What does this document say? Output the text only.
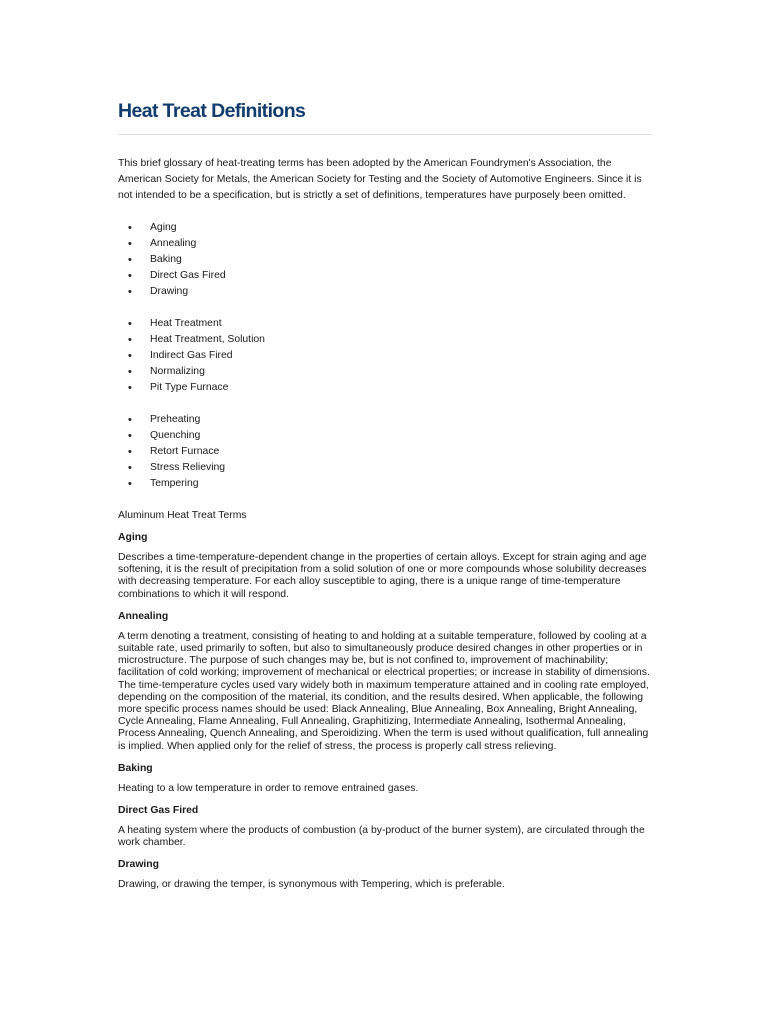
Heat Treat Definitions

This brief glossary of heat-treating terms has been adopted by the American Foundrymen's Association, the American Society for Metals, the American Society for Testing and the Society of Automotive Engineers. Since it is not intended to be a specification, but is strictly a set of definitions, temperatures have purposely been omitted.

• Aging
• Annealing
• Baking
• Direct Gas Fired
• Drawing
• Heat Treatment
• Heat Treatment, Solution
• Indirect Gas Fired
• Normalizing
• Pit Type Furnace
• Preheating
• Quenching
• Retort Furnace
• Stress Relieving
• Tempering

Aluminum Heat Treat Terms

Aging

Describes a time-temperature-dependent change in the properties of certain alloys. Except for strain aging and age softening, it is the result of precipitation from a solid solution of one or more compounds whose solubility decreases with decreasing temperature. For each alloy susceptible to aging, there is a unique range of time-temperature combinations to which it will respond.

Annealing

A term denoting a treatment, consisting of heating to and holding at a suitable temperature, followed by cooling at a suitable rate, used primarily to soften, but also to simultaneously produce desired changes in other properties or in microstructure. The purpose of such changes may be, but is not confined to, improvement of machinability; facilitation of cold working; improvement of mechanical or electrical properties; or increase in stability of dimensions. The time-temperature cycles used vary widely both in maximum temperature attained and in cooling rate employed, depending on the composition of the material, its condition, and the results desired. When applicable, the following more specific process names should be used: Black Annealing, Blue Annealing, Box Annealing, Bright Annealing, Cycle Annealing, Flame Annealing, Full Annealing, Graphitizing, Intermediate Annealing, Isothermal Annealing, Process Annealing, Quench Annealing, and Speroidizing. When the term is used without qualification, full annealing is implied. When applied only for the relief of stress, the process is properly call stress relieving.

Baking

Heating to a low temperature in order to remove entrained gases.

Direct Gas Fired

A heating system where the products of combustion (a by-product of the burner system), are circulated through the work chamber.

Drawing

Drawing, or drawing the temper, is synonymous with Tempering, which is preferable.
